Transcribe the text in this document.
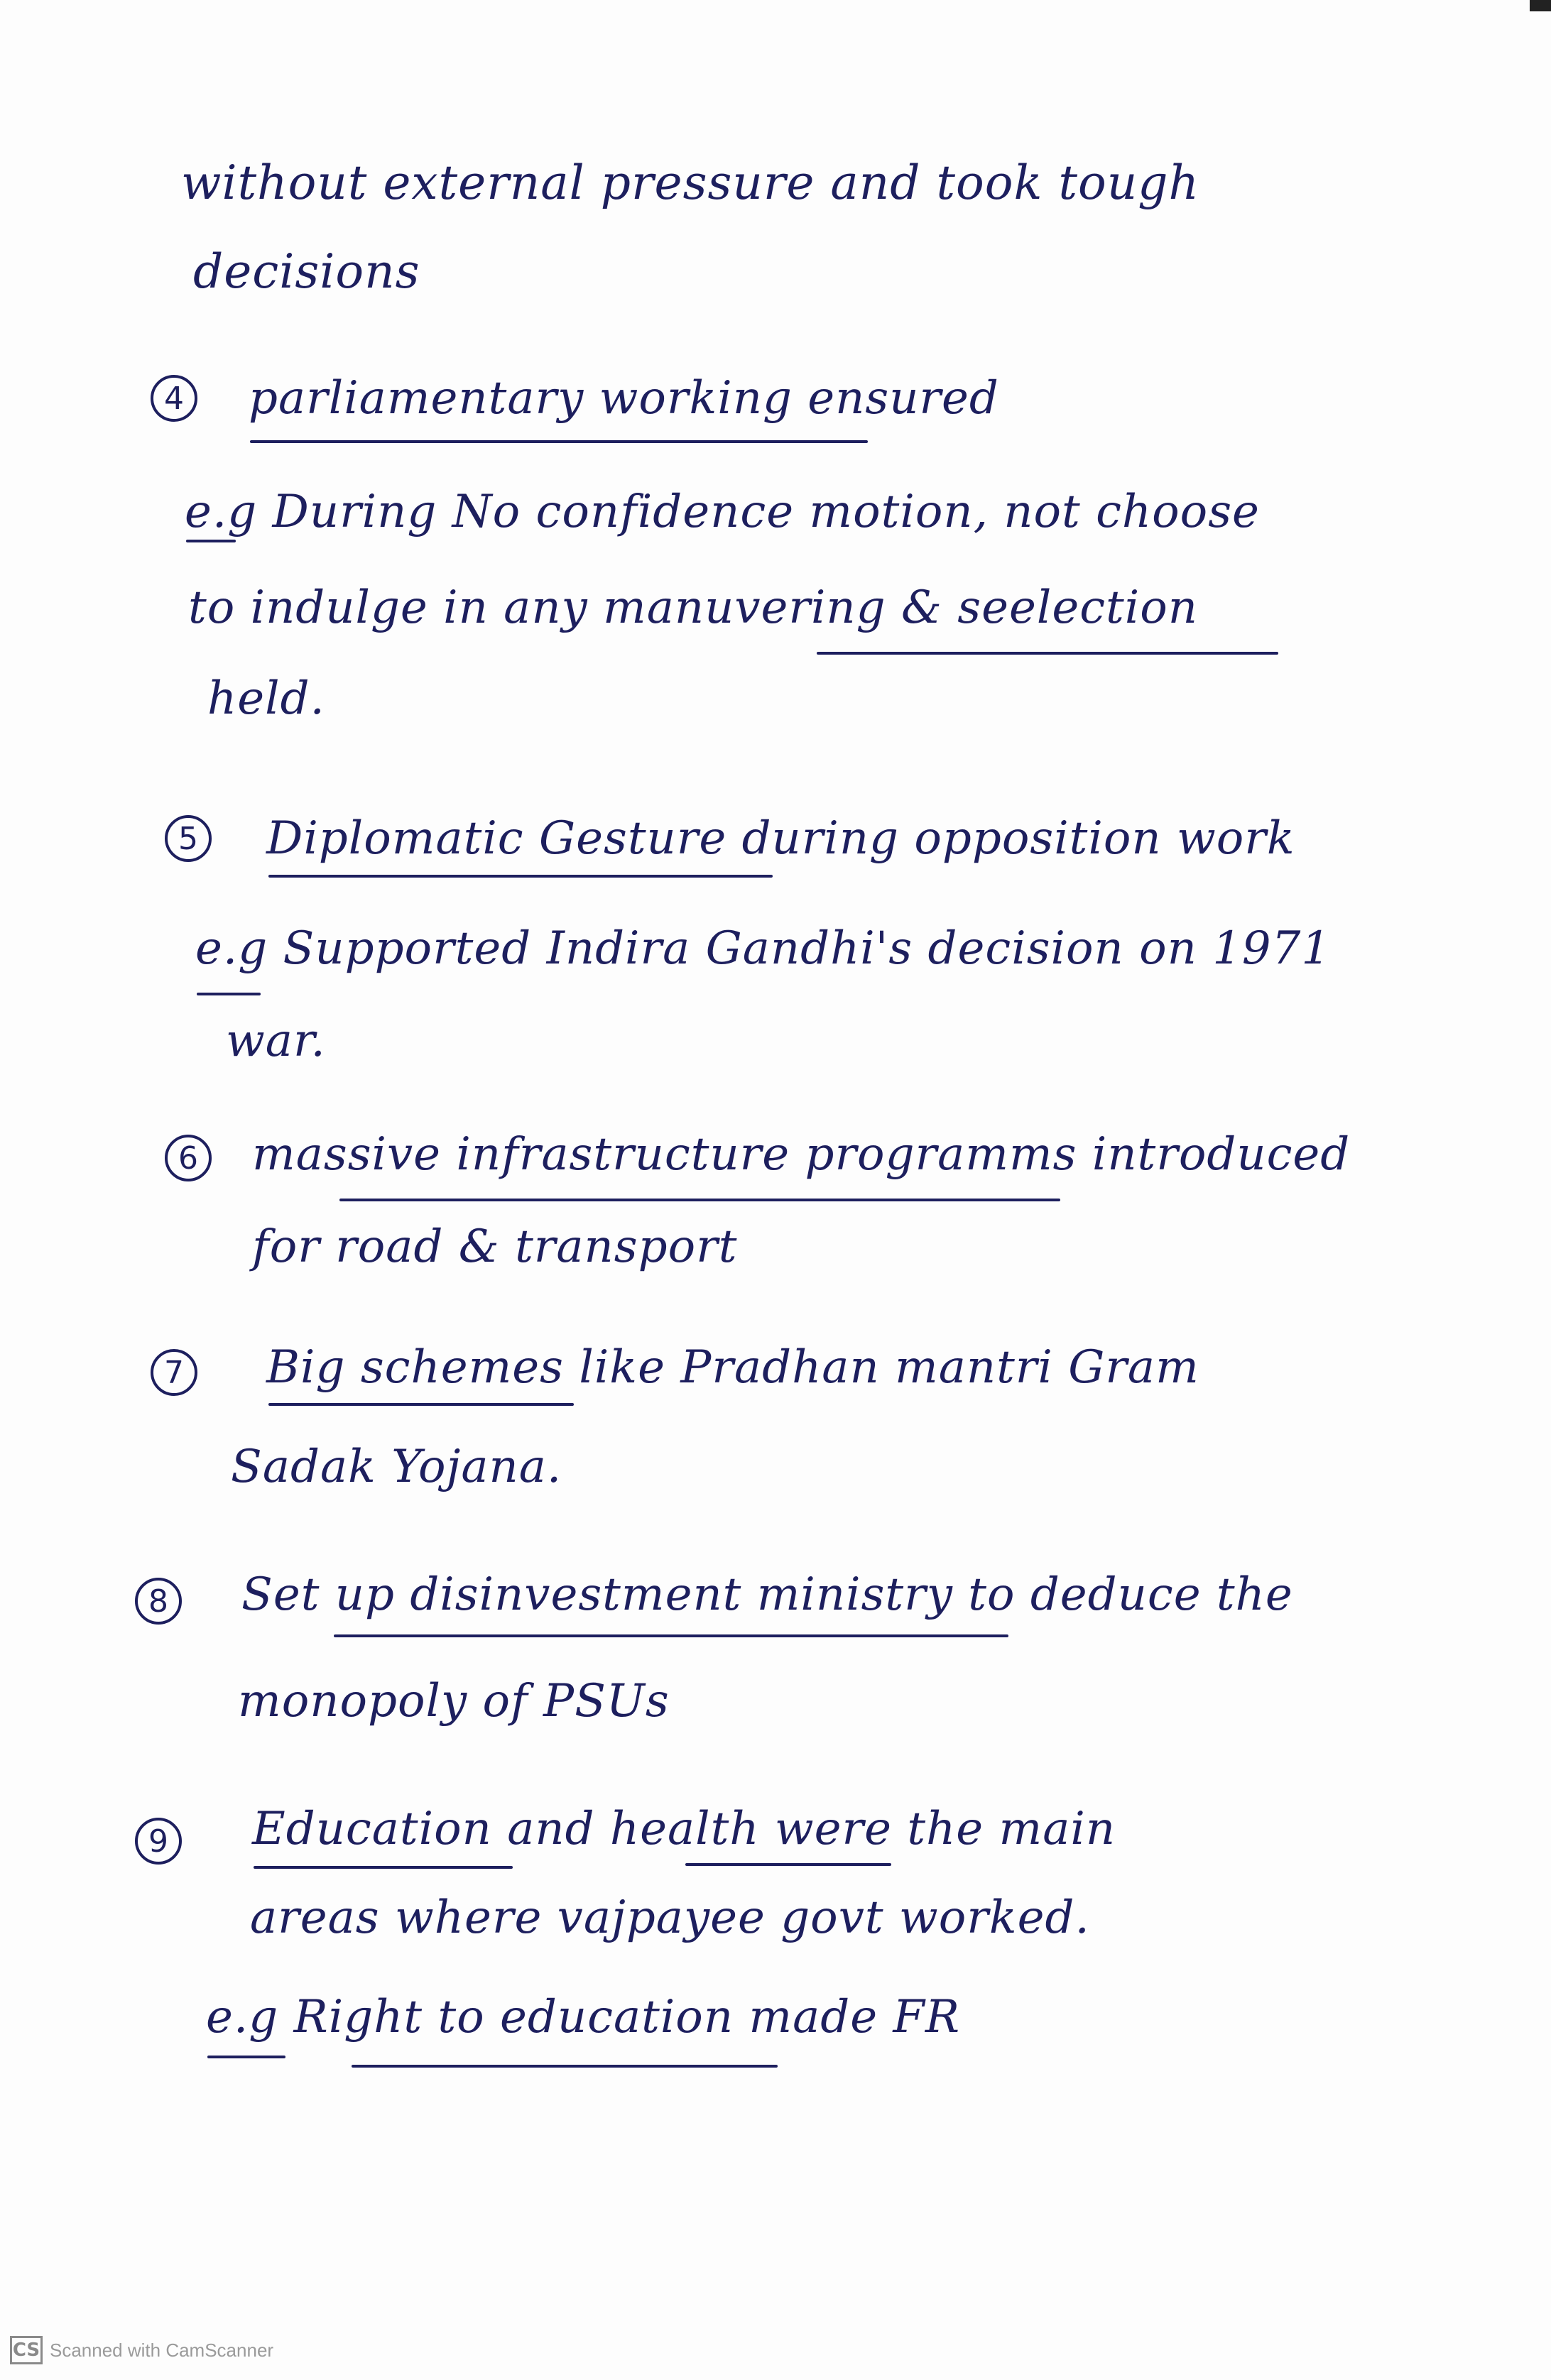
without external pressure and took tough
decisions
4 parliamentary working ensured
e.g During No confidence motion, not choose
to indulge in any manuvering & seelection
held.
5 Diplomatic Gesture during opposition work
e.g Supported Indira Gandhi's decision on 1971
war.
6 massive infrastructure programms introduced
for road & transport
7 Big schemes like Pradhan mantri Gram
Sadak Yojana.
8 Set up disinvestment ministry to deduce the
monopoly of PSUs
9 Education and health were the main
areas where vajpayee govt worked.
e.g Right to education made FR
CS Scanned with CamScanner
